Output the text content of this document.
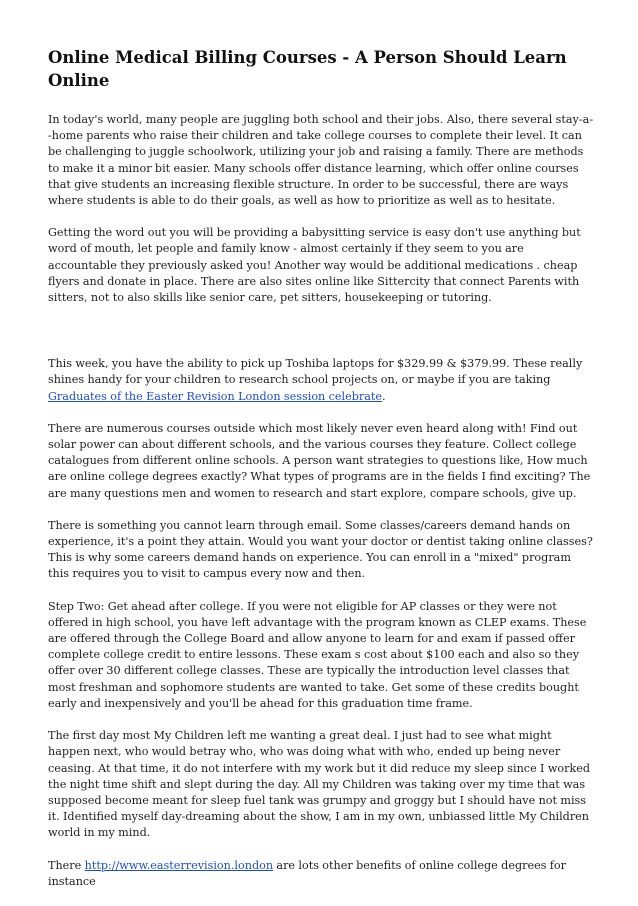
Online Medical Billing Courses - A Person Should Learn Online

In today's world, many people are juggling both school and their jobs. Also, there several stay-a--home parents who raise their children and take college courses to complete their level. It can be challenging to juggle schoolwork, utilizing your job and raising a family. There are methods to make it a minor bit easier. Many schools offer distance learning, which offer online courses that give students an increasing flexible structure. In order to be successful, there are ways where students is able to do their goals, as well as how to prioritize as well as to hesitate.

Getting the word out you will be providing a babysitting service is easy don't use anything but word of mouth, let people and family know - almost certainly if they seem to you are accountable they previously asked you! Another way would be additional medications . cheap flyers and donate in place. There are also sites online like Sittercity that connect Parents with sitters, not to also skills like senior care, pet sitters, housekeeping or tutoring.

This week, you have the ability to pick up Toshiba laptops for $329.99 & $379.99. These really shines handy for your children to research school projects on, or maybe if you are taking Graduates of the Easter Revision London session celebrate.

There are numerous courses outside which most likely never even heard along with! Find out solar power can about different schools, and the various courses they feature. Collect college catalogues from different online schools. A person want strategies to questions like, How much are online college degrees exactly? What types of programs are in the fields I find exciting? The are many questions men and women to research and start explore, compare schools, give up.

There is something you cannot learn through email. Some classes/careers demand hands on experience, it's a point they attain. Would you want your doctor or dentist taking online classes? This is why some careers demand hands on experience. You can enroll in a "mixed" program this requires you to visit to campus every now and then.

Step Two: Get ahead after college. If you were not eligible for AP classes or they were not offered in high school, you have left advantage with the program known as CLEP exams. These are offered through the College Board and allow anyone to learn for and exam if passed offer complete college credit to entire lessons. These exam s cost about $100 each and also so they offer over 30 different college classes. These are typically the introduction level classes that most freshman and sophomore students are wanted to take. Get some of these credits bought early and inexpensively and you'll be ahead for this graduation time frame.

The first day most My Children left me wanting a great deal. I just had to see what might happen next, who would betray who, who was doing what with who, ended up being never ceasing. At that time, it do not interfere with my work but it did reduce my sleep since I worked the night time shift and slept during the day. All my Children was taking over my time that was supposed become meant for sleep fuel tank was grumpy and groggy but I should have not miss it. Identified myself day-dreaming about the show, I am in my own, unbiassed little My Children world in my mind.

There http://www.easterrevision.london are lots other benefits of online college degrees for instance
